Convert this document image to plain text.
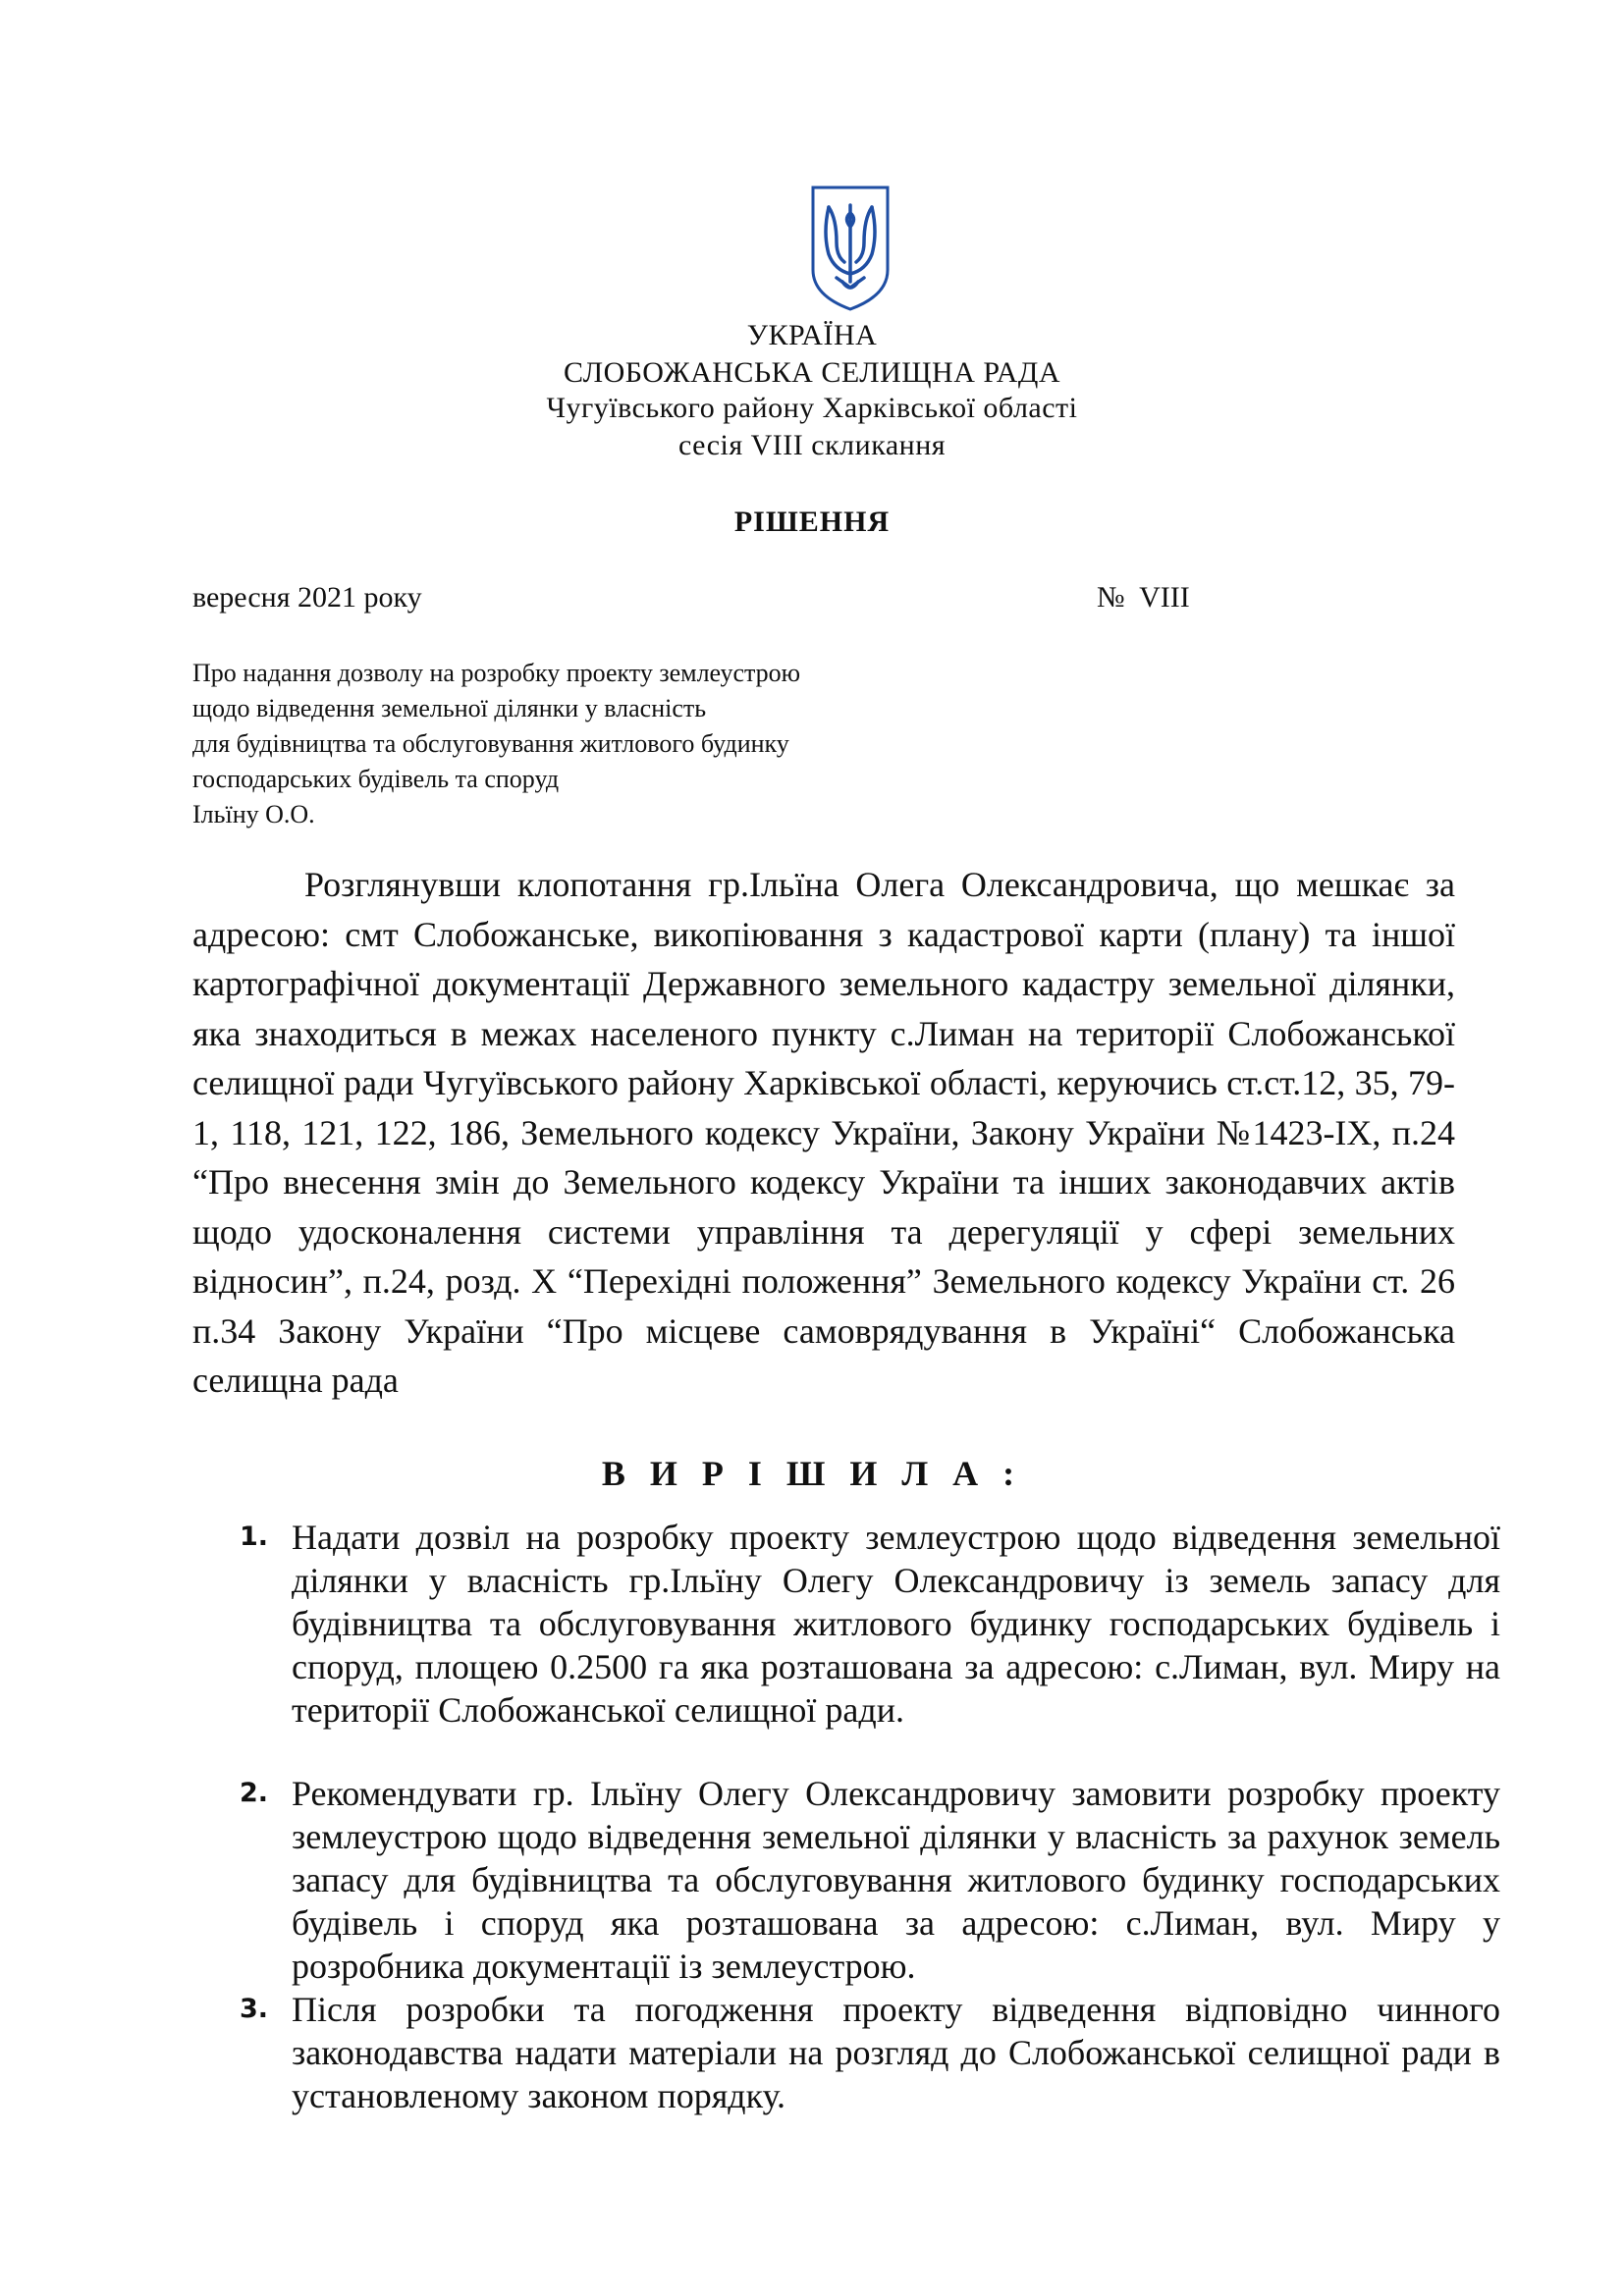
УКРАЇНА
СЛОБОЖАНСЬКА СЕЛИЩНА РАДА
Чугуївського району Харківської області
сесія VIII скликання
РІШЕННЯ
вересня 2021 року	№  VIII
Про надання дозволу на розробку проекту землеустрою
щодо відведення земельної ділянки у власність
для будівництва та обслуговування житлового будинку
господарських будівель та споруд
Ільїну О.О.

Розглянувши клопотання гр.Ільїна Олега Олександровича, що мешкає за адресою: смт Слобожанське, викопіювання з кадастрової карти (плану) та іншої картографічної документації Державного земельного кадастру земельної ділянки, яка знаходиться в межах населеного пункту с.Лиман на території Слобожанської селищної ради Чугуївського району Харківської області, керуючись ст.ст.12, 35, 79-1, 118, 121, 122, 186, Земельного кодексу України, Закону України №1423-IX, п.24 “Про внесення змін до Земельного кодексу України та інших законодавчих актів щодо удосконалення системи управління та дерегуляції у сфері земельних відносин”, п.24, розд. X “Перехідні положення” Земельного кодексу України ст. 26 п.34 Закону України “Про місцеве самоврядування в Україні“ Слобожанська селищна рада

В И Р І Ш И Л А :
1. Надати дозвіл на розробку проекту землеустрою щодо відведення земельної ділянки у власність гр.Ільїну Олегу Олександровичу із земель запасу для будівництва та обслуговування житлового будинку господарських будівель і споруд, площею 0.2500 га яка розташована за адресою: с.Лиман, вул. Миру на території Слобожанської селищної ради.

2. Рекомендувати гр. Ільїну Олегу Олександровичу замовити розробку проекту землеустрою щодо відведення земельної ділянки у власність за рахунок земель запасу для будівництва та обслуговування житлового будинку господарських будівель і споруд яка розташована за адресою: с.Лиман, вул. Миру у розробника документації із землеустрою.

3. Після розробки та погодження проекту відведення відповідно чинного законодавства надати матеріали на розгляд до Слобожанської селищної ради в установленому законом порядку.
